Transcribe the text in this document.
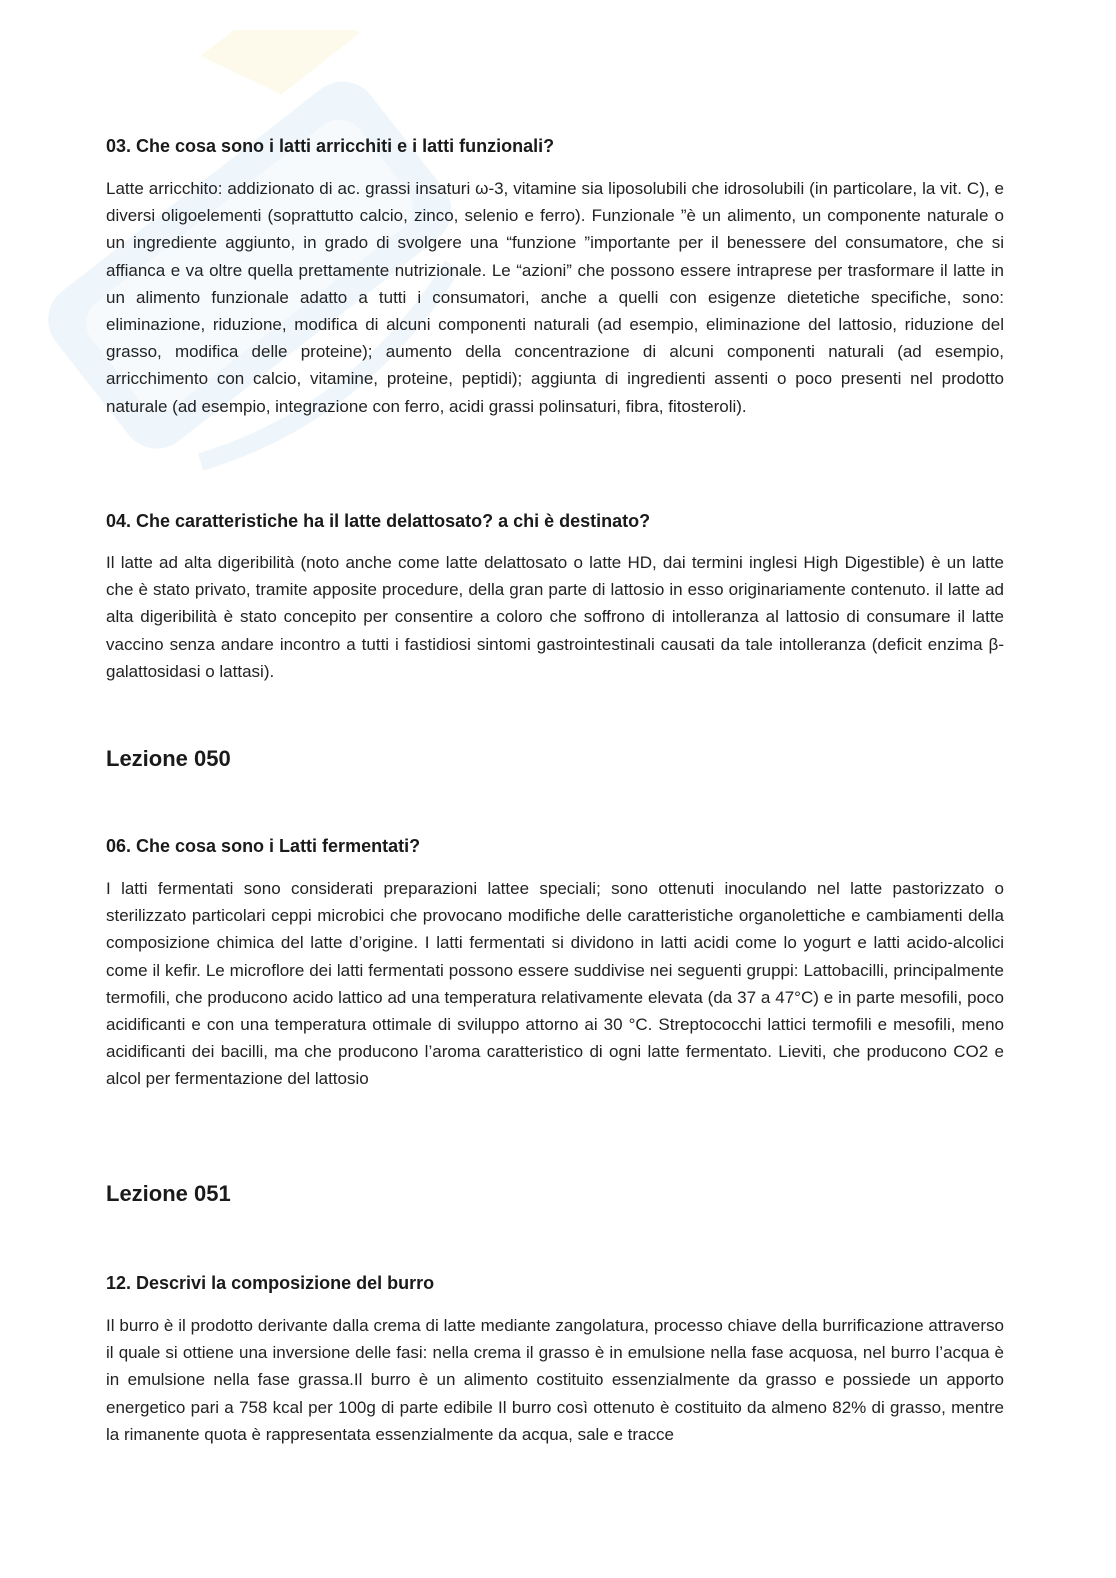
03. Che cosa sono i latti arricchiti e i latti funzionali?

Latte arricchito: addizionato di ac. grassi insaturi ω-3, vitamine sia liposolubili che idrosolubili (in particolare, la vit. C), e diversi oligoelementi (soprattutto calcio, zinco, selenio e ferro). Funzionale ”è un alimento, un componente naturale o un ingrediente aggiunto, in grado di svolgere una “funzione ”importante per il benessere del consumatore, che si affianca e va oltre quella prettamente nutrizionale. Le “azioni” che possono essere intraprese per trasformare il latte in un alimento funzionale adatto a tutti i consumatori, anche a quelli con esigenze dietetiche specifiche, sono: eliminazione, riduzione, modifica di alcuni componenti naturali (ad esempio, eliminazione del lattosio, riduzione del grasso, modifica delle proteine); aumento della concentrazione di alcuni componenti naturali (ad esempio, arricchimento con calcio, vitamine, proteine, peptidi); aggiunta di ingredienti assenti o poco presenti nel prodotto naturale (ad esempio, integrazione con ferro, acidi grassi polinsaturi, fibra, fitosteroli).

04. Che caratteristiche ha il latte delattosato? a chi è destinato?

Il latte ad alta digeribilità (noto anche come latte delattosato o latte HD, dai termini inglesi High Digestible) è un latte che è stato privato, tramite apposite procedure, della gran parte di lattosio in esso originariamente contenuto. il latte ad alta digeribilità è stato concepito per consentire a coloro che soffrono di intolleranza al lattosio di consumare il latte vaccino senza andare incontro a tutti i fastidiosi sintomi gastrointestinali causati da tale intolleranza (deficit enzima β-galattosidasi o lattasi).

Lezione 050
06. Che cosa sono i Latti fermentati?

I latti fermentati sono considerati preparazioni lattee speciali; sono ottenuti inoculando nel latte pastorizzato o sterilizzato particolari ceppi microbici che provocano modifiche delle caratteristiche organolettiche e cambiamenti della composizione chimica del latte d’origine. I latti fermentati si dividono in latti acidi come lo yogurt e latti acido-alcolici come il kefir. Le microflore dei latti fermentati possono essere suddivise nei seguenti gruppi: Lattobacilli, principalmente termofili, che producono acido lattico ad una temperatura relativamente elevata (da 37 a 47°C) e in parte mesofili, poco acidificanti e con una temperatura ottimale di sviluppo attorno ai 30 °C. Streptococchi lattici termofili e mesofili, meno acidificanti dei bacilli, ma che producono l’aroma caratteristico di ogni latte fermentato. Lieviti, che producono CO2 e alcol per fermentazione del lattosio

Lezione 051
12. Descrivi la composizione del burro

Il burro è il prodotto derivante dalla crema di latte mediante zangolatura, processo chiave della burrificazione attraverso il quale si ottiene una inversione delle fasi: nella crema il grasso è in emulsione nella fase acquosa, nel burro l’acqua è in emulsione nella fase grassa.Il burro è un alimento costituito essenzialmente da grasso e possiede un apporto energetico pari a 758 kcal per 100g di parte edibile Il burro così ottenuto è costituito da almeno 82% di grasso, mentre la rimanente quota è rappresentata essenzialmente da acqua, sale e tracce
